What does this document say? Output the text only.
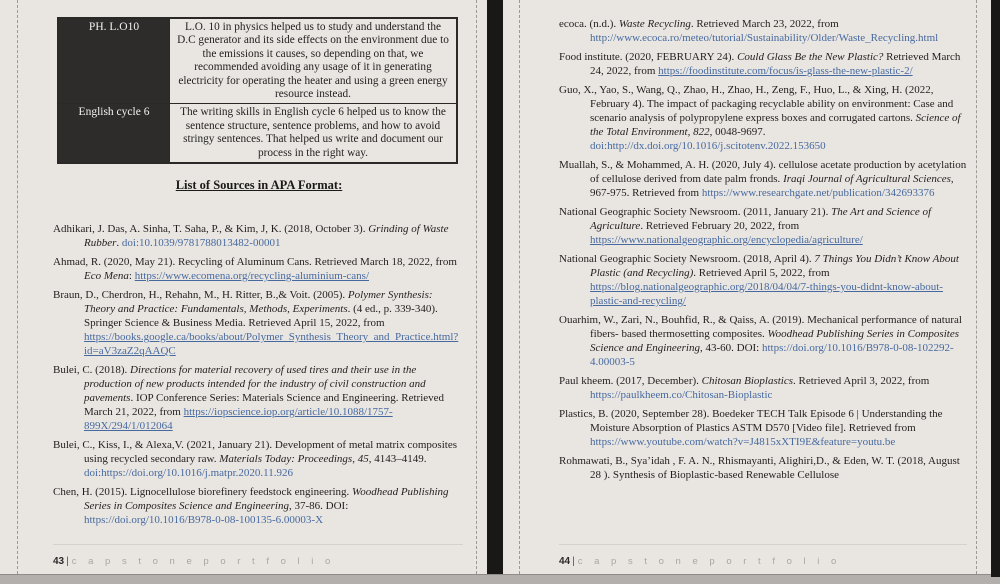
PH. L.O10	L.O. 10 in physics helped us to study and understand the D.C generator and its side effects on the environment due to the emissions it causes, so depending on that, we recommended avoiding any usage of it in generating electricity for operating the heater and using a green energy resource instead.
English cycle 6	The writing skills in English cycle 6 helped us to know the sentence structure, sentence problems, and how to avoid stringy sentences. That helped us write and document our process in the right way.
List of Sources in APA Format:
Adhikari, J. Das, A. Sinha, T. Saha, P., & Kim, J, K. (2018, October 3). Grinding of Waste Rubber. doi:10.1039/9781788013482-00001
Ahmad, R. (2020, May 21). Recycling of Aluminum Cans. Retrieved March 18, 2022, from Eco Mena: https://www.ecomena.org/recycling-aluminium-cans/
Braun, D., Cherdron, H., Rehahn, M., H. Ritter, B.,& Voit. (2005). Polymer Synthesis: Theory and Practice: Fundamentals, Methods, Experiments. (4 ed., p. 339-340). Springer Science & Business Media. Retrieved April 15, 2022, from https://books.google.ca/books/about/Polymer_Synthesis_Theory_and_Practice.html?id=aV3zaZ2qAAQC
Bulei, C. (2018). Directions for material recovery of used tires and their use in the production of new products intended for the industry of civil construction and pavements. IOP Conference Series: Materials Science and Engineering. Retrieved March 21, 2022, from https://iopscience.iop.org/article/10.1088/1757-899X/294/1/012064
Bulei, C., Kiss, I., & Alexa,V. (2021, January 21). Development of metal matrix composites using recycled secondary raw. Materials Today: Proceedings, 45, 4143–4149. doi:https://doi.org/10.1016/j.matpr.2020.11.926
Chen, H. (2015). Lignocellulose biorefinery feedstock engineering. Woodhead Publishing Series in Composites Science and Engineering, 37-86. DOI: https://doi.org/10.1016/B978-0-08-100135-6.00003-X
43 | c a p s t o n e p o r t f o l i o
ecoca. (n.d.). Waste Recycling. Retrieved March 23, 2022, from http://www.ecoca.ro/meteo/tutorial/Sustainability/Older/Waste_Recycling.html
Food institute. (2020, FEBRUARY 24). Could Glass Be the New Plastic? Retrieved March 24, 2022, from https://foodinstitute.com/focus/is-glass-the-new-plastic-2/
Guo, X., Yao, S., Wang, Q., Zhao, H., Zhao, H., Zeng, F., Huo, L., & Xing, H. (2022, February 4). The impact of packaging recyclable ability on environment: Case and scenario analysis of polypropylene express boxes and corrugated cartons. Science of the Total Environment, 822, 0048-9697. doi:http://dx.doi.org/10.1016/j.scitotenv.2022.153650
Muallah, S., & Mohammed, A. H. (2020, July 4). cellulose acetate production by acetylation of cellulose derived from date palm fronds. Iraqi Journal of Agricultural Sciences, 967-975. Retrieved from https://www.researchgate.net/publication/342693376
National Geographic Society Newsroom. (2011, January 21). The Art and Science of Agriculture. Retrieved February 20, 2022, from https://www.nationalgeographic.org/encyclopedia/agriculture/
National Geographic Society Newsroom. (2018, April 4). 7 Things You Didn’t Know About Plastic (and Recycling). Retrieved April 5, 2022, from https://blog.nationalgeographic.org/2018/04/04/7-things-you-didnt-know-about-plastic-and-recycling/
Ouarhim, W., Zari, N., Bouhfid, R., & Qaiss, A. (2019). Mechanical performance of natural fibers- based thermosetting composites. Woodhead Publishing Series in Composites Science and Engineering, 43-60. DOI: https://doi.org/10.1016/B978-0-08-102292-4.00003-5
Paul kheem. (2017, December). Chitosan Bioplastics. Retrieved April 3, 2022, from https://paulkheem.co/Chitosan-Bioplastic
Plastics, B. (2020, September 28). Boedeker TECH Talk Episode 6 | Understanding the Moisture Absorption of Plastics ASTM D570 [Video file]. Retrieved from https://www.youtube.com/watch?v=J4815xXTI9E&feature=youtu.be
Rohmawati, B., Sya’idah , F. A. N., Rhismayanti, Alighiri,D., & Eden, W. T. (2018, August 28 ). Synthesis of Bioplastic-based Renewable Cellulose
44 | c a p s t o n e p o r t f o l i o
